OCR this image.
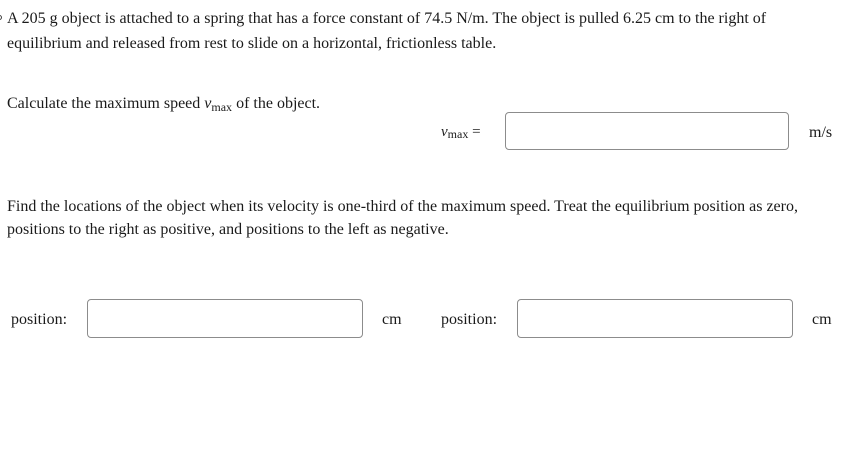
A 205 g object is attached to a spring that has a force constant of 74.5 N/m. The object is pulled 6.25 cm to the right of equilibrium and released from rest to slide on a horizontal, frictionless table.

Calculate the maximum speed $v_{max}$ of the object.

vmax =	m/s

Find the locations of the object when its velocity is one-third of the maximum speed. Treat the equilibrium position as zero, positions to the right as positive, and positions to the left as negative.

position:	cm position:	cm
